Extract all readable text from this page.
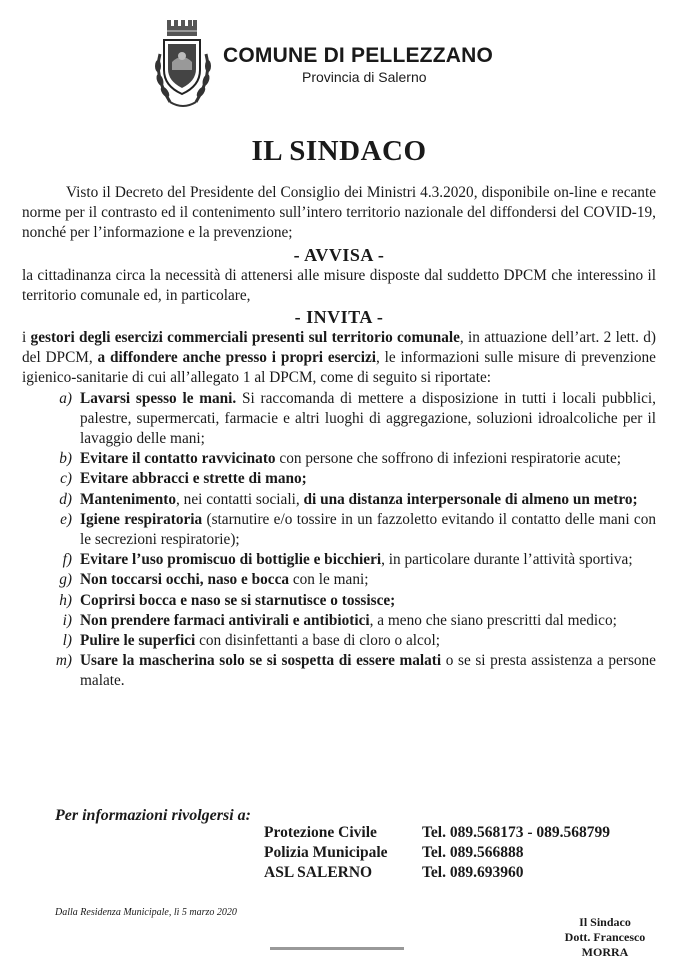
COMUNE DI PELLEZZANO
Provincia di Salerno
IL SINDACO

Visto il Decreto del Presidente del Consiglio dei Ministri 4.3.2020, disponibile on-line e recante norme per il contrasto ed il contenimento sull’intero territorio nazionale del diffondersi del COVID-19, nonché per l’informazione e la prevenzione;

- AVVISA -

la cittadinanza circa la necessità di attenersi alle misure disposte dal suddetto DPCM che interessino il territorio comunale ed, in particolare,

- INVITA -

i gestori degli esercizi commerciali presenti sul territorio comunale, in attuazione dell’art. 2 lett. d) del DPCM, a diffondere anche presso i propri esercizi, le informazioni sulle misure di prevenzione igienico-sanitarie di cui all’allegato 1 al DPCM, come di seguito si riportate:

a) Lavarsi spesso le mani. Si raccomanda di mettere a disposizione in tutti i locali pubblici, palestre, supermercati, farmacie e altri luoghi di aggregazione, soluzioni idroalcoliche per il lavaggio delle mani;
b) Evitare il contatto ravvicinato con persone che soffrono di infezioni respiratorie acute;
c) Evitare abbracci e strette di mano;
d) Mantenimento, nei contatti sociali, di una distanza interpersonale di almeno un metro;
e) Igiene respiratoria (starnutire e/o tossire in un fazzoletto evitando il contatto delle mani con le secrezioni respiratorie);
f) Evitare l’uso promiscuo di bottiglie e bicchieri, in particolare durante l’attività sportiva;
g) Non toccarsi occhi, naso e bocca con le mani;
h) Coprirsi bocca e naso se si starnutisce o tossisce;
i) Non prendere farmaci antivirali e antibiotici, a meno che siano prescritti dal medico;
l) Pulire le superfici con disinfettanti a base di cloro o alcol;
m) Usare la mascherina solo se si sospetta di essere malati o se si presta assistenza a persone malate.
Per informazioni rivolgersi a:
Protezione Civile	Tel. 089.568173 - 089.568799
Polizia Municipale	Tel. 089.566888
ASL SALERNO	Tel. 089.693960
Dalla Residenza Municipale, lì 5 marzo 2020
Il Sindaco
Dott. Francesco MORRA
